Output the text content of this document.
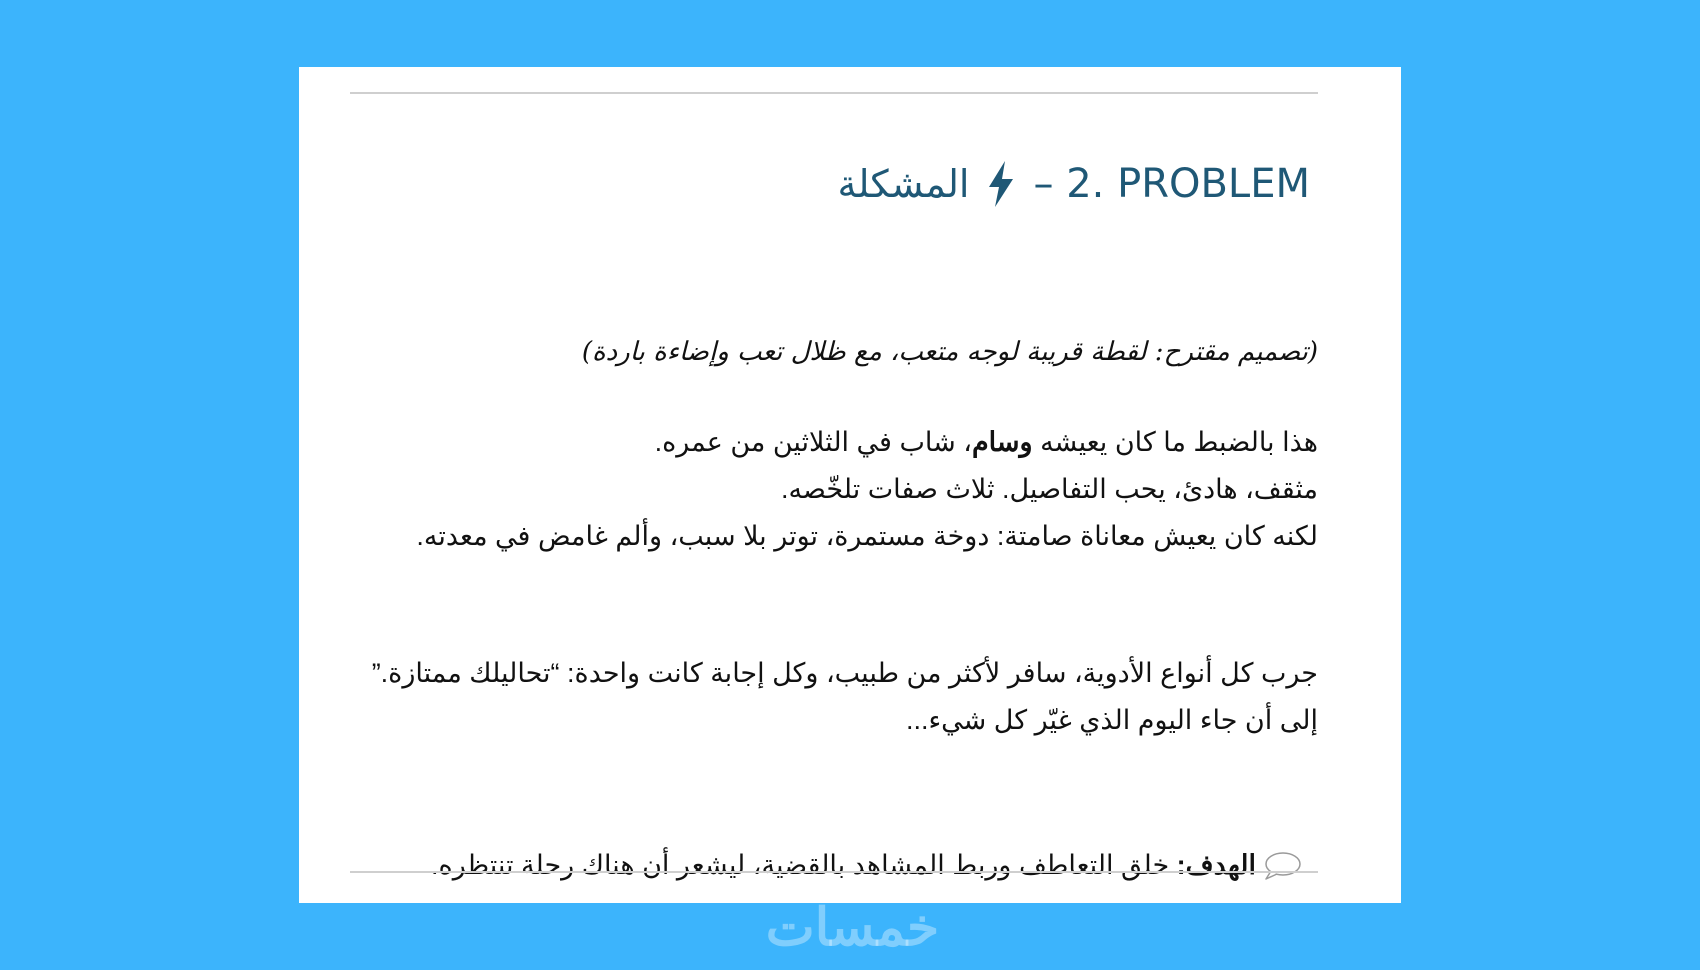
– 2. PROBLEM
المشكلة
(تصميم مقترح: لقطة قريبة لوجه متعب، مع ظلال تعب وإضاءة باردة)
هذا بالضبط ما كان يعيشه وسام، شاب في الثلاثين من عمره.
مثقف، هادئ، يحب التفاصيل. ثلاث صفات تلخّصه.
لكنه كان يعيش معاناة صامتة: دوخة مستمرة، توتر بلا سبب، وألم غامض في معدته.
جرب كل أنواع الأدوية، سافر لأكثر من طبيب، وكل إجابة كانت واحدة: “تحاليلك ممتازة.”
إلى أن جاء اليوم الذي غيّر كل شيء...
الهدف: خلق التعاطف وربط المشاهد بالقضية، ليشعر أن هناك رحلة تنتظره.
خمسات
